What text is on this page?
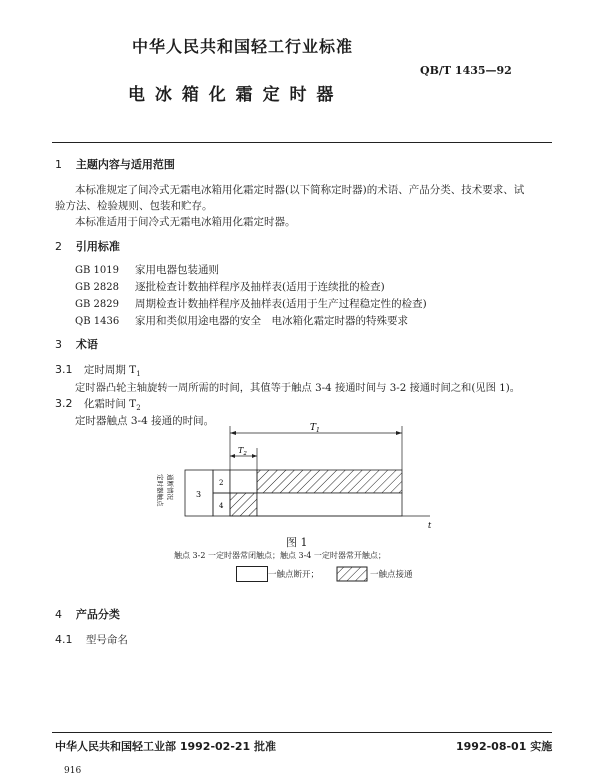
中华人民共和国轻工行业标准
QB/T 1435—92
电 冰 箱 化 霜 定 时 器
1 主题内容与适用范围
本标准规定了间冷式无霜电冰箱用化霜定时器(以下简称定时器)的术语、产品分类、技术要求、试
验方法、检验规则、包装和贮存。
本标准适用于间冷式无霜电冰箱用化霜定时器。
2 引用标准
GB 1019 家用电器包装通则
GB 2828 逐批检查计数抽样程序及抽样表(适用于连续批的检查)
GB 2829 周期检查计数抽样程序及抽样表(适用于生产过程稳定性的检查)
QB 1436 家用和类似用途电器的安全　电冰箱化霜定时器的特殊要求
3 术语
3.1 定时周期 $T_1$
定时器凸轮主轴旋转一周所需的时间，其值等于触点 3-4 接通时间与 3-2 接通时间之和(见图 1)。
3.2 化霜时间 $T_2$
定时器触点 3-4 接通的时间。
$T_1$
$T_2$
3
2
4
t
定时器触点 通断情况
图 1
触点 3-2 一定时器常闭触点；触点 3-4 一定时器常开触点；
一触点断开；	一触点接通
4 产品分类
4.1 型号命名
中华人民共和国轻工业部 1992-02-21 批准	1992-08-01 实施
916
